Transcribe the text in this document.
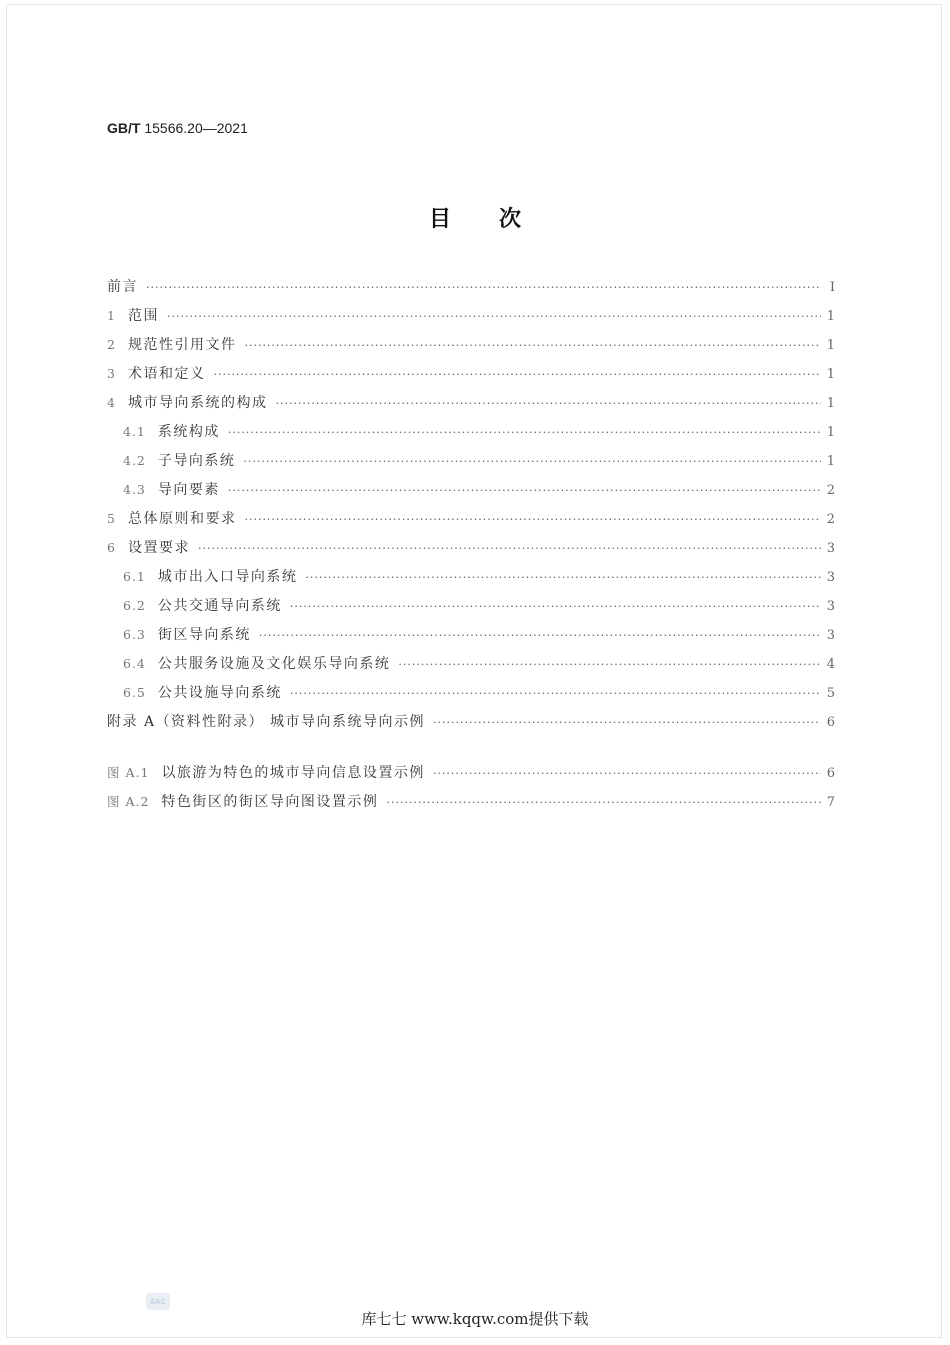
GB/T 15566.20—2021
目次
前言 ·····	Ⅰ
1 范围 ·····	1
2 规范性引用文件 ·····	1
3 术语和定义 ·····	1
4 城市导向系统的构成 ·····	1
4.1 系统构成 ·····	1
4.2 子导向系统 ·····	1
4.3 导向要素 ·····	2
5 总体原则和要求 ·····	2
6 设置要求 ·····	3
6.1 城市出入口导向系统 ·····	3
6.2 公共交通导向系统 ·····	3
6.3 街区导向系统 ·····	3
6.4 公共服务设施及文化娱乐导向系统 ·····	4
6.5 公共设施导向系统 ·····	5
附录 A（资料性附录） 城市导向系统导向示例 ·····	6
图 A.1 以旅游为特色的城市导向信息设置示例 ·····	6
图 A.2 特色街区的街区导向图设置示例 ·····	7
SAC
库七七 www.kqqw.com提供下载
